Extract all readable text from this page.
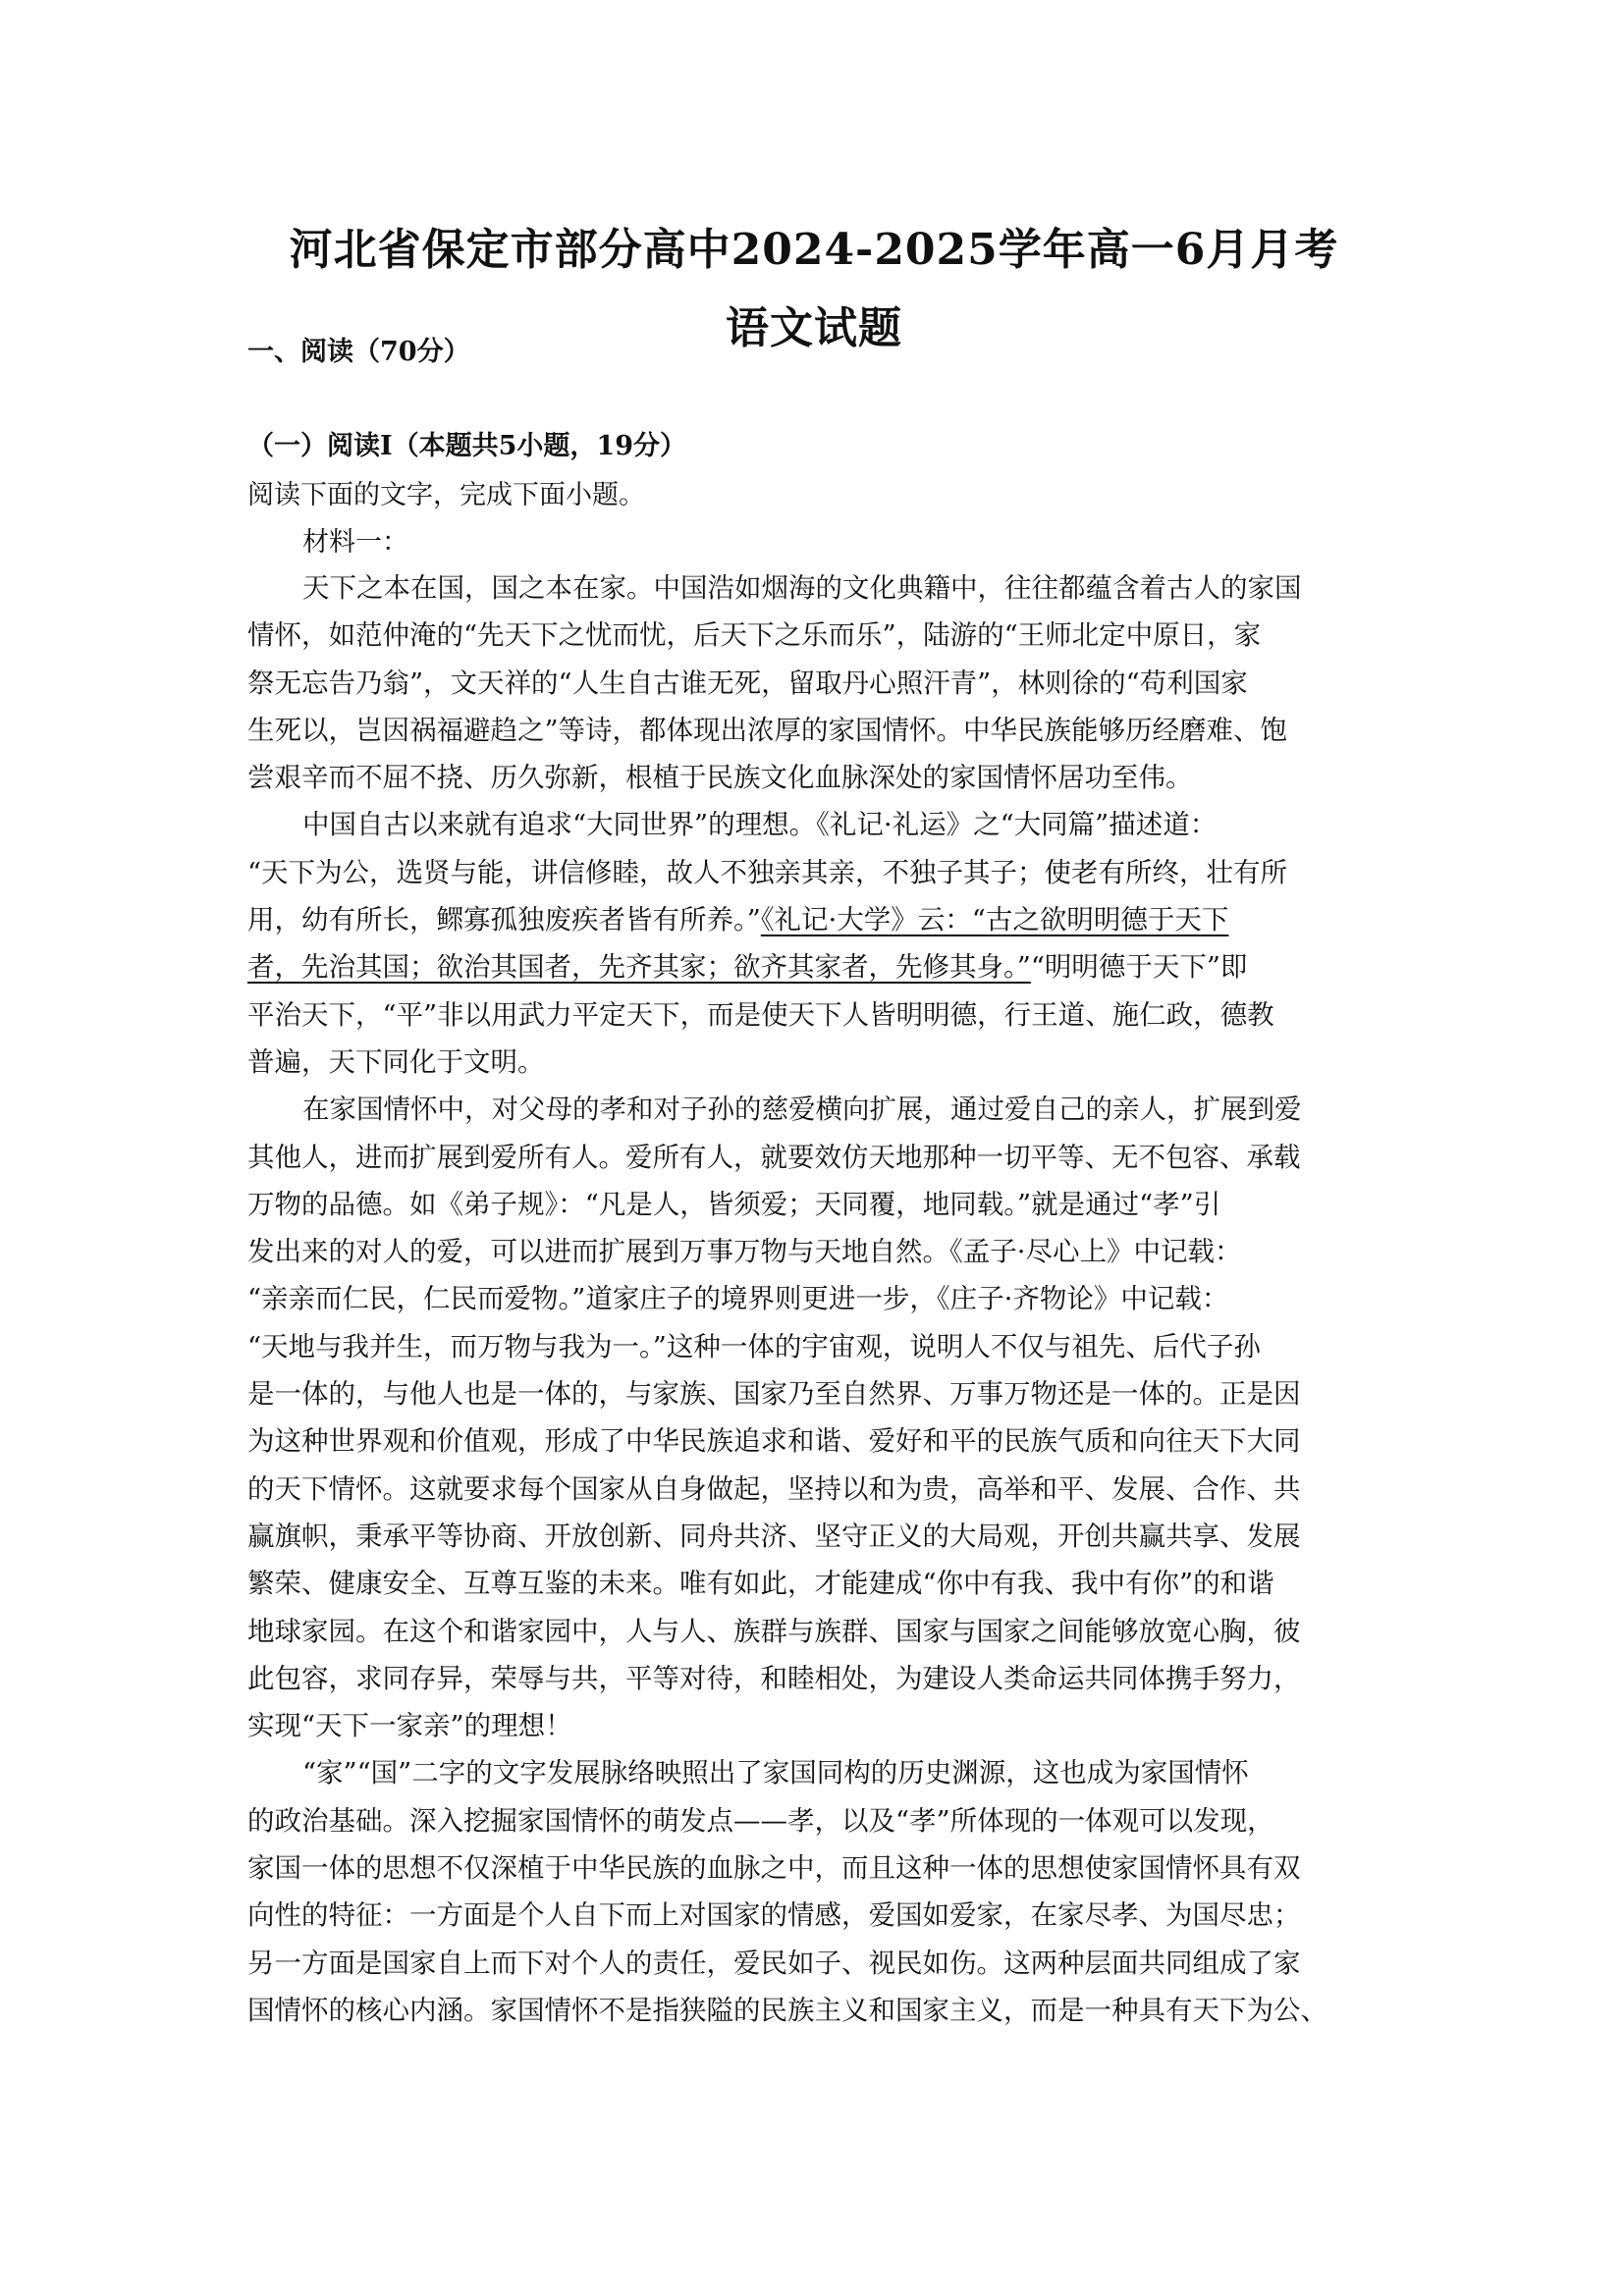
河北省保定市部分高中2024-2025学年高一6月月考
语文试题
一、阅读（70分）
（一）阅读Ⅰ（本题共5小题，19分）
阅读下面的文字，完成下面小题。
材料一：
天下之本在国，国之本在家。中国浩如烟海的文化典籍中，往往都蕴含着古人的家国
情怀，如范仲淹的“先天下之忧而忧，后天下之乐而乐”，陆游的“王师北定中原日，家
祭无忘告乃翁”，文天祥的“人生自古谁无死，留取丹心照汗青”，林则徐的“苟利国家
生死以，岂因祸福避趋之”等诗，都体现出浓厚的家国情怀。中华民族能够历经磨难、饱
尝艰辛而不屈不挠、历久弥新，根植于民族文化血脉深处的家国情怀居功至伟。
中国自古以来就有追求“大同世界”的理想。《礼记·礼运》之“大同篇”描述道：
“天下为公，选贤与能，讲信修睦，故人不独亲其亲，不独子其子；使老有所终，壮有所
用，幼有所长，鳏寡孤独废疾者皆有所养。”《礼记·大学》云：“古之欲明明德于天下
者，先治其国；欲治其国者，先齐其家；欲齐其家者，先修其身。”“明明德于天下”即
平治天下，“平”非以用武力平定天下，而是使天下人皆明明德，行王道、施仁政，德教
普遍，天下同化于文明。
在家国情怀中，对父母的孝和对子孙的慈爱横向扩展，通过爱自己的亲人，扩展到爱
其他人，进而扩展到爱所有人。爱所有人，就要效仿天地那种一切平等、无不包容、承载
万物的品德。如《弟子规》：“凡是人，皆须爱；天同覆，地同载。”就是通过“孝”引
发出来的对人的爱，可以进而扩展到万事万物与天地自然。《孟子·尽心上》中记载：
“亲亲而仁民，仁民而爱物。”道家庄子的境界则更进一步，《庄子·齐物论》中记载：
“天地与我并生，而万物与我为一。”这种一体的宇宙观，说明人不仅与祖先、后代子孙
是一体的，与他人也是一体的，与家族、国家乃至自然界、万事万物还是一体的。正是因
为这种世界观和价值观，形成了中华民族追求和谐、爱好和平的民族气质和向往天下大同
的天下情怀。这就要求每个国家从自身做起，坚持以和为贵，高举和平、发展、合作、共
赢旗帜，秉承平等协商、开放创新、同舟共济、坚守正义的大局观，开创共赢共享、发展
繁荣、健康安全、互尊互鉴的未来。唯有如此，才能建成“你中有我、我中有你”的和谐
地球家园。在这个和谐家园中，人与人、族群与族群、国家与国家之间能够放宽心胸，彼
此包容，求同存异，荣辱与共，平等对待，和睦相处，为建设人类命运共同体携手努力，
实现“天下一家亲”的理想！
“家”“国”二字的文字发展脉络映照出了家国同构的历史渊源，这也成为家国情怀
的政治基础。深入挖掘家国情怀的萌发点——孝，以及“孝”所体现的一体观可以发现，
家国一体的思想不仅深植于中华民族的血脉之中，而且这种一体的思想使家国情怀具有双
向性的特征：一方面是个人自下而上对国家的情感，爱国如爱家，在家尽孝、为国尽忠；
另一方面是国家自上而下对个人的责任，爱民如子、视民如伤。这两种层面共同组成了家
国情怀的核心内涵。家国情怀不是指狭隘的民族主义和国家主义，而是一种具有天下为公、
